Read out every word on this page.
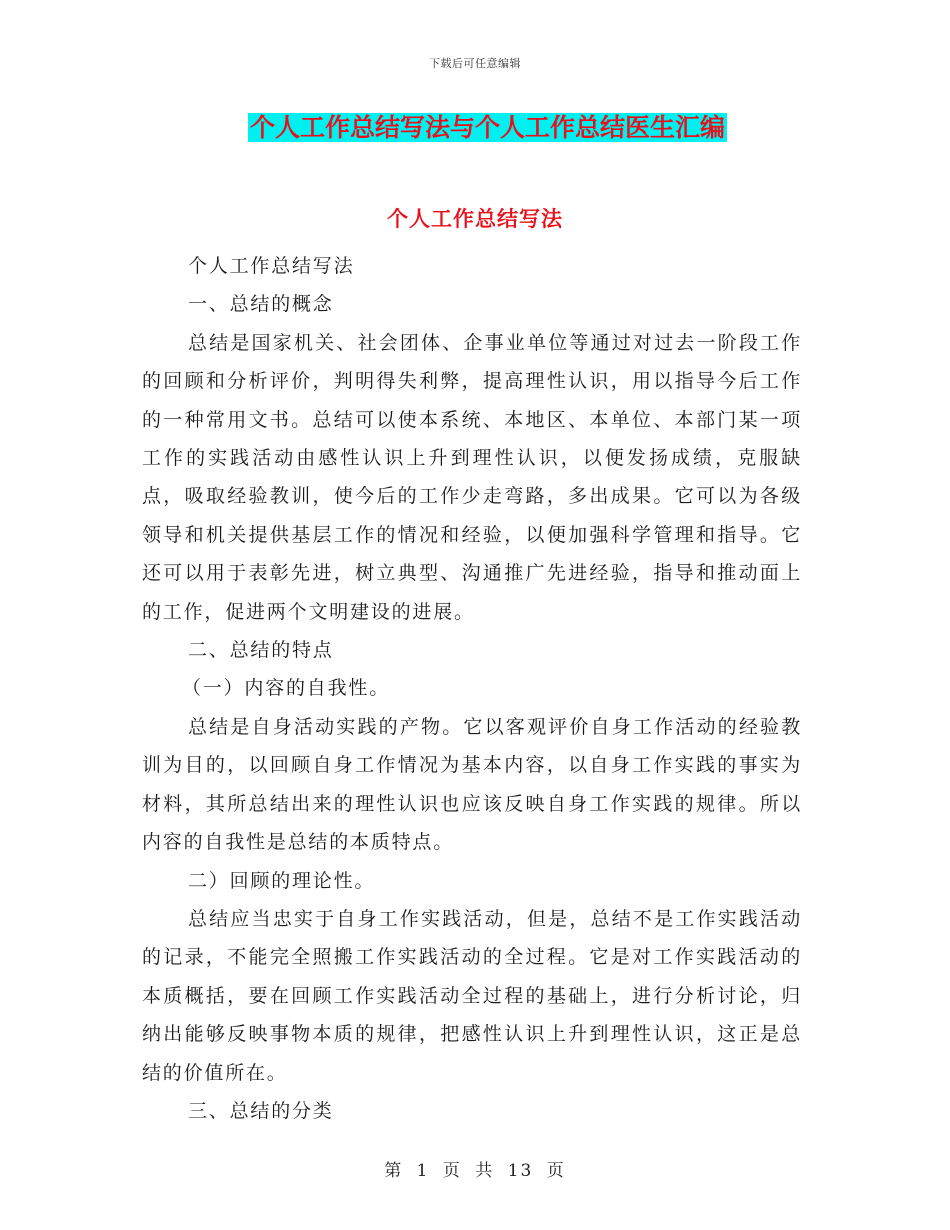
下载后可任意编辑
个人工作总结写法与个人工作总结医生汇编
个人工作总结写法

个人工作总结写法

一、总结的概念

总结是国家机关、社会团体、企事业单位等通过对过去一阶段工作的回顾和分析评价，判明得失利弊，提高理性认识，用以指导今后工作的一种常用文书。总结可以使本系统、本地区、本单位、本部门某一项工作的实践活动由感性认识上升到理性认识，以便发扬成绩，克服缺点，吸取经验教训，使今后的工作少走弯路，多出成果。它可以为各级领导和机关提供基层工作的情况和经验，以便加强科学管理和指导。它还可以用于表彰先进，树立典型、沟通推广先进经验，指导和推动面上的工作，促进两个文明建设的进展。

二、总结的特点

（一）内容的自我性。

总结是自身活动实践的产物。它以客观评价自身工作活动的经验教训为目的，以回顾自身工作情况为基本内容，以自身工作实践的事实为材料，其所总结出来的理性认识也应该反映自身工作实践的规律。所以内容的自我性是总结的本质特点。

二）回顾的理论性。

总结应当忠实于自身工作实践活动，但是，总结不是工作实践活动的记录，不能完全照搬工作实践活动的全过程。它是对工作实践活动的本质概括，要在回顾工作实践活动全过程的基础上，进行分析讨论，归纳出能够反映事物本质的规律，把感性认识上升到理性认识，这正是总结的价值所在。

三、总结的分类

第 1 页 共 13 页
